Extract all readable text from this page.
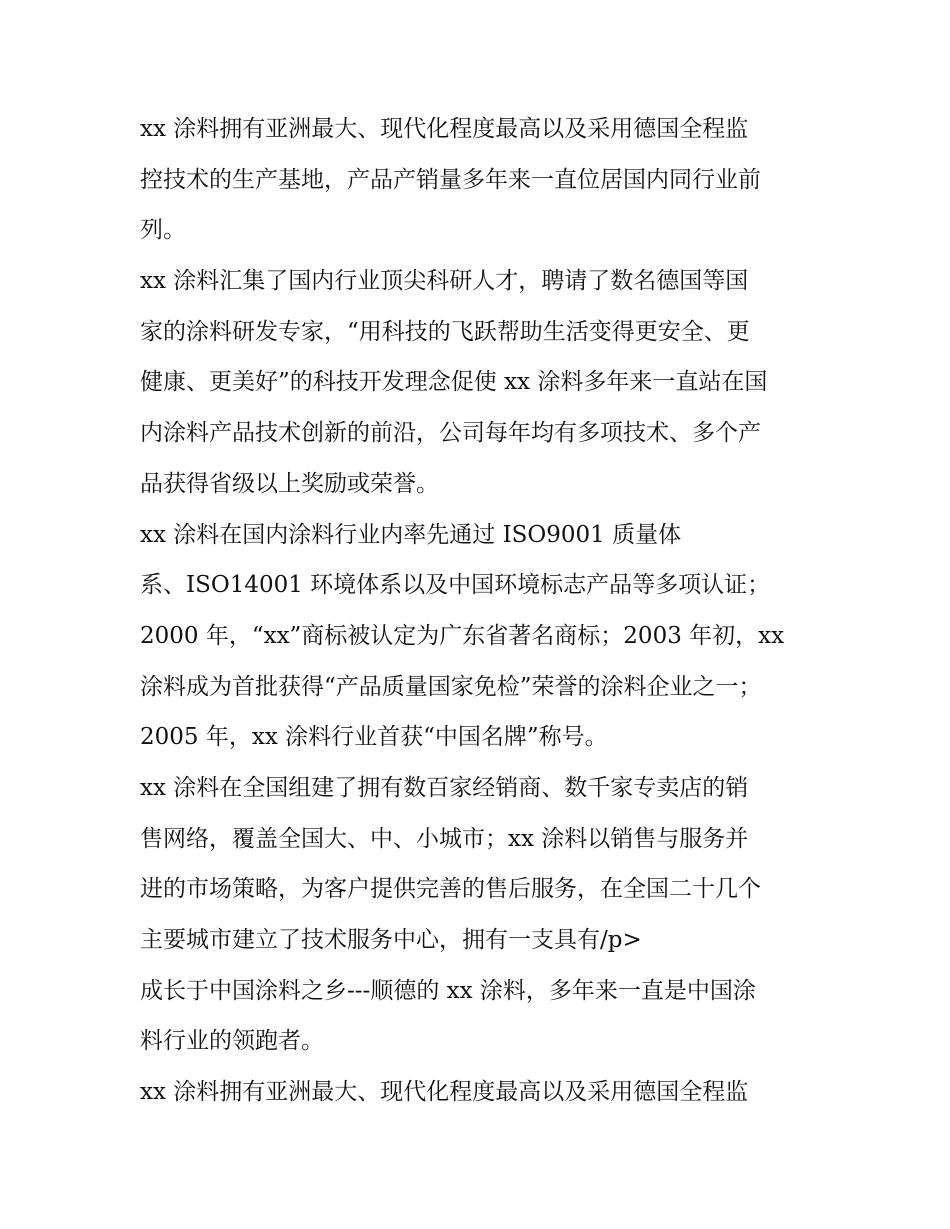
xx 涂料拥有亚洲最大、现代化程度最高以及采用德国全程监
控技术的生产基地，产品产销量多年来一直位居国内同行业前
列。
xx 涂料汇集了国内行业顶尖科研人才，聘请了数名德国等国
家的涂料研发专家，“用科技的飞跃帮助生活变得更安全、更
健康、更美好”的科技开发理念促使 xx 涂料多年来一直站在国
内涂料产品技术创新的前沿，公司每年均有多项技术、多个产
品获得省级以上奖励或荣誉。
xx 涂料在国内涂料行业内率先通过 ISO9001 质量体
系、ISO14001 环境体系以及中国环境标志产品等多项认证；
2000 年，“xx”商标被认定为广东省著名商标；2003 年初，xx
涂料成为首批获得“产品质量国家免检”荣誉的涂料企业之一；
2005 年，xx 涂料行业首获“中国名牌”称号。
xx 涂料在全国组建了拥有数百家经销商、数千家专卖店的销
售网络，覆盖全国大、中、小城市；xx 涂料以销售与服务并
进的市场策略，为客户提供完善的售后服务，在全国二十几个
主要城市建立了技术服务中心，拥有一支具有/p>
成长于中国涂料之乡---顺德的 xx 涂料，多年来一直是中国涂
料行业的领跑者。
xx 涂料拥有亚洲最大、现代化程度最高以及采用德国全程监
